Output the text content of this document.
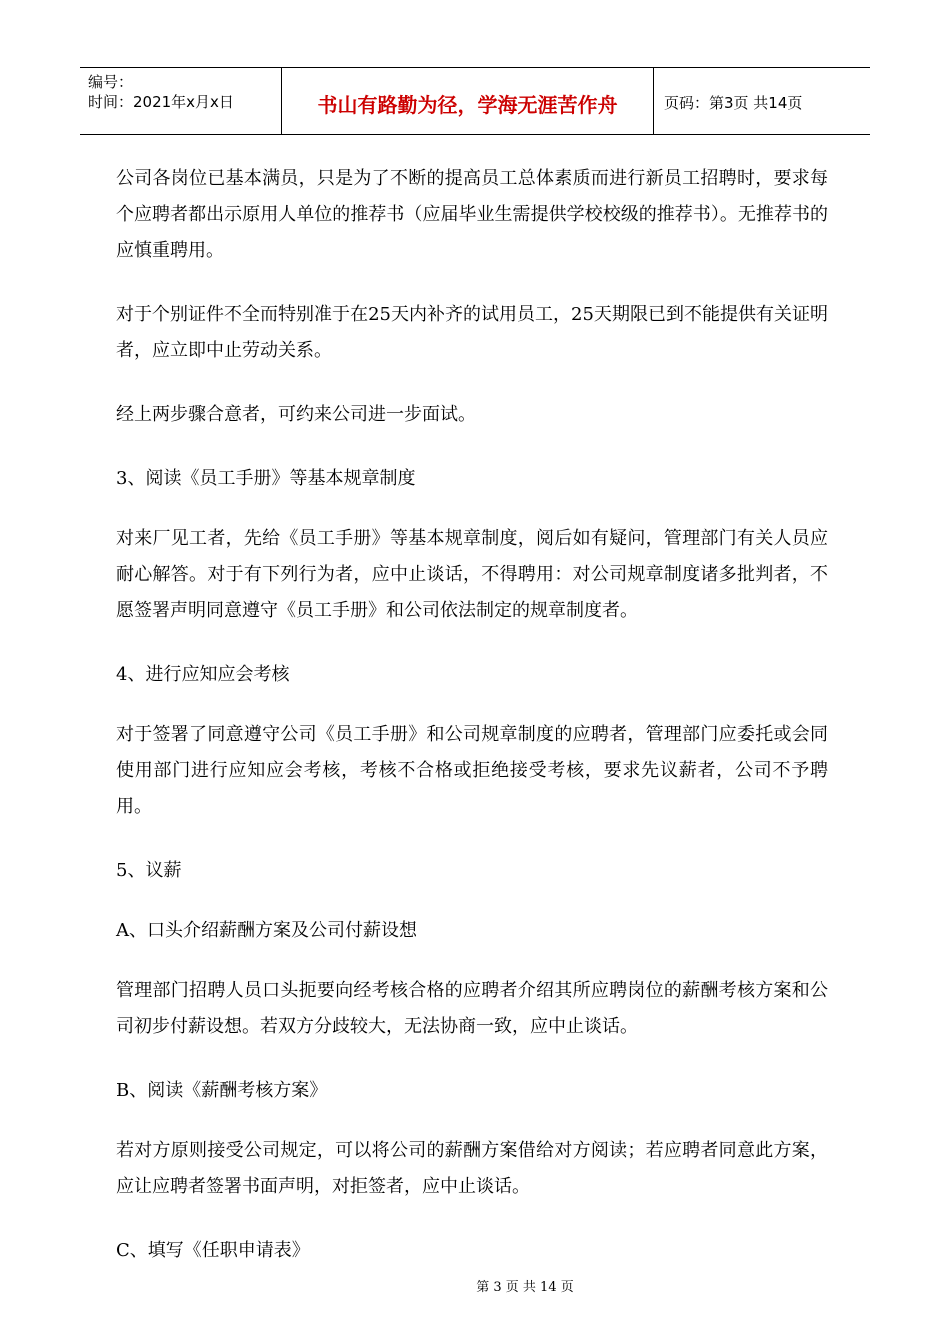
编号：
时间：2021年x月x日	书山有路勤为径，学海无涯苦作舟	页码：第3页 共14页

公司各岗位已基本满员，只是为了不断的提高员工总体素质而进行新员工招聘时，要求每个应聘者都出示原用人单位的推荐书（应届毕业生需提供学校校级的推荐书）。无推荐书的应慎重聘用。

对于个别证件不全而特别准于在25天内补齐的试用员工，25天期限已到不能提供有关证明者，应立即中止劳动关系。

经上两步骤合意者，可约来公司进一步面试。

3、阅读《员工手册》等基本规章制度

对来厂见工者，先给《员工手册》等基本规章制度，阅后如有疑问，管理部门有关人员应耐心解答。对于有下列行为者，应中止谈话，不得聘用：对公司规章制度诸多批判者，不愿签署声明同意遵守《员工手册》和公司依法制定的规章制度者。

4、进行应知应会考核

对于签署了同意遵守公司《员工手册》和公司规章制度的应聘者，管理部门应委托或会同使用部门进行应知应会考核，考核不合格或拒绝接受考核，要求先议薪者，公司不予聘用。

5、议薪

A、口头介绍薪酬方案及公司付薪设想

管理部门招聘人员口头扼要向经考核合格的应聘者介绍其所应聘岗位的薪酬考核方案和公司初步付薪设想。若双方分歧较大，无法协商一致，应中止谈话。

B、阅读《薪酬考核方案》

若对方原则接受公司规定，可以将公司的薪酬方案借给对方阅读；若应聘者同意此方案，应让应聘者签署书面声明，对拒签者，应中止谈话。

C、填写《任职申请表》

第 3 页 共 14 页
